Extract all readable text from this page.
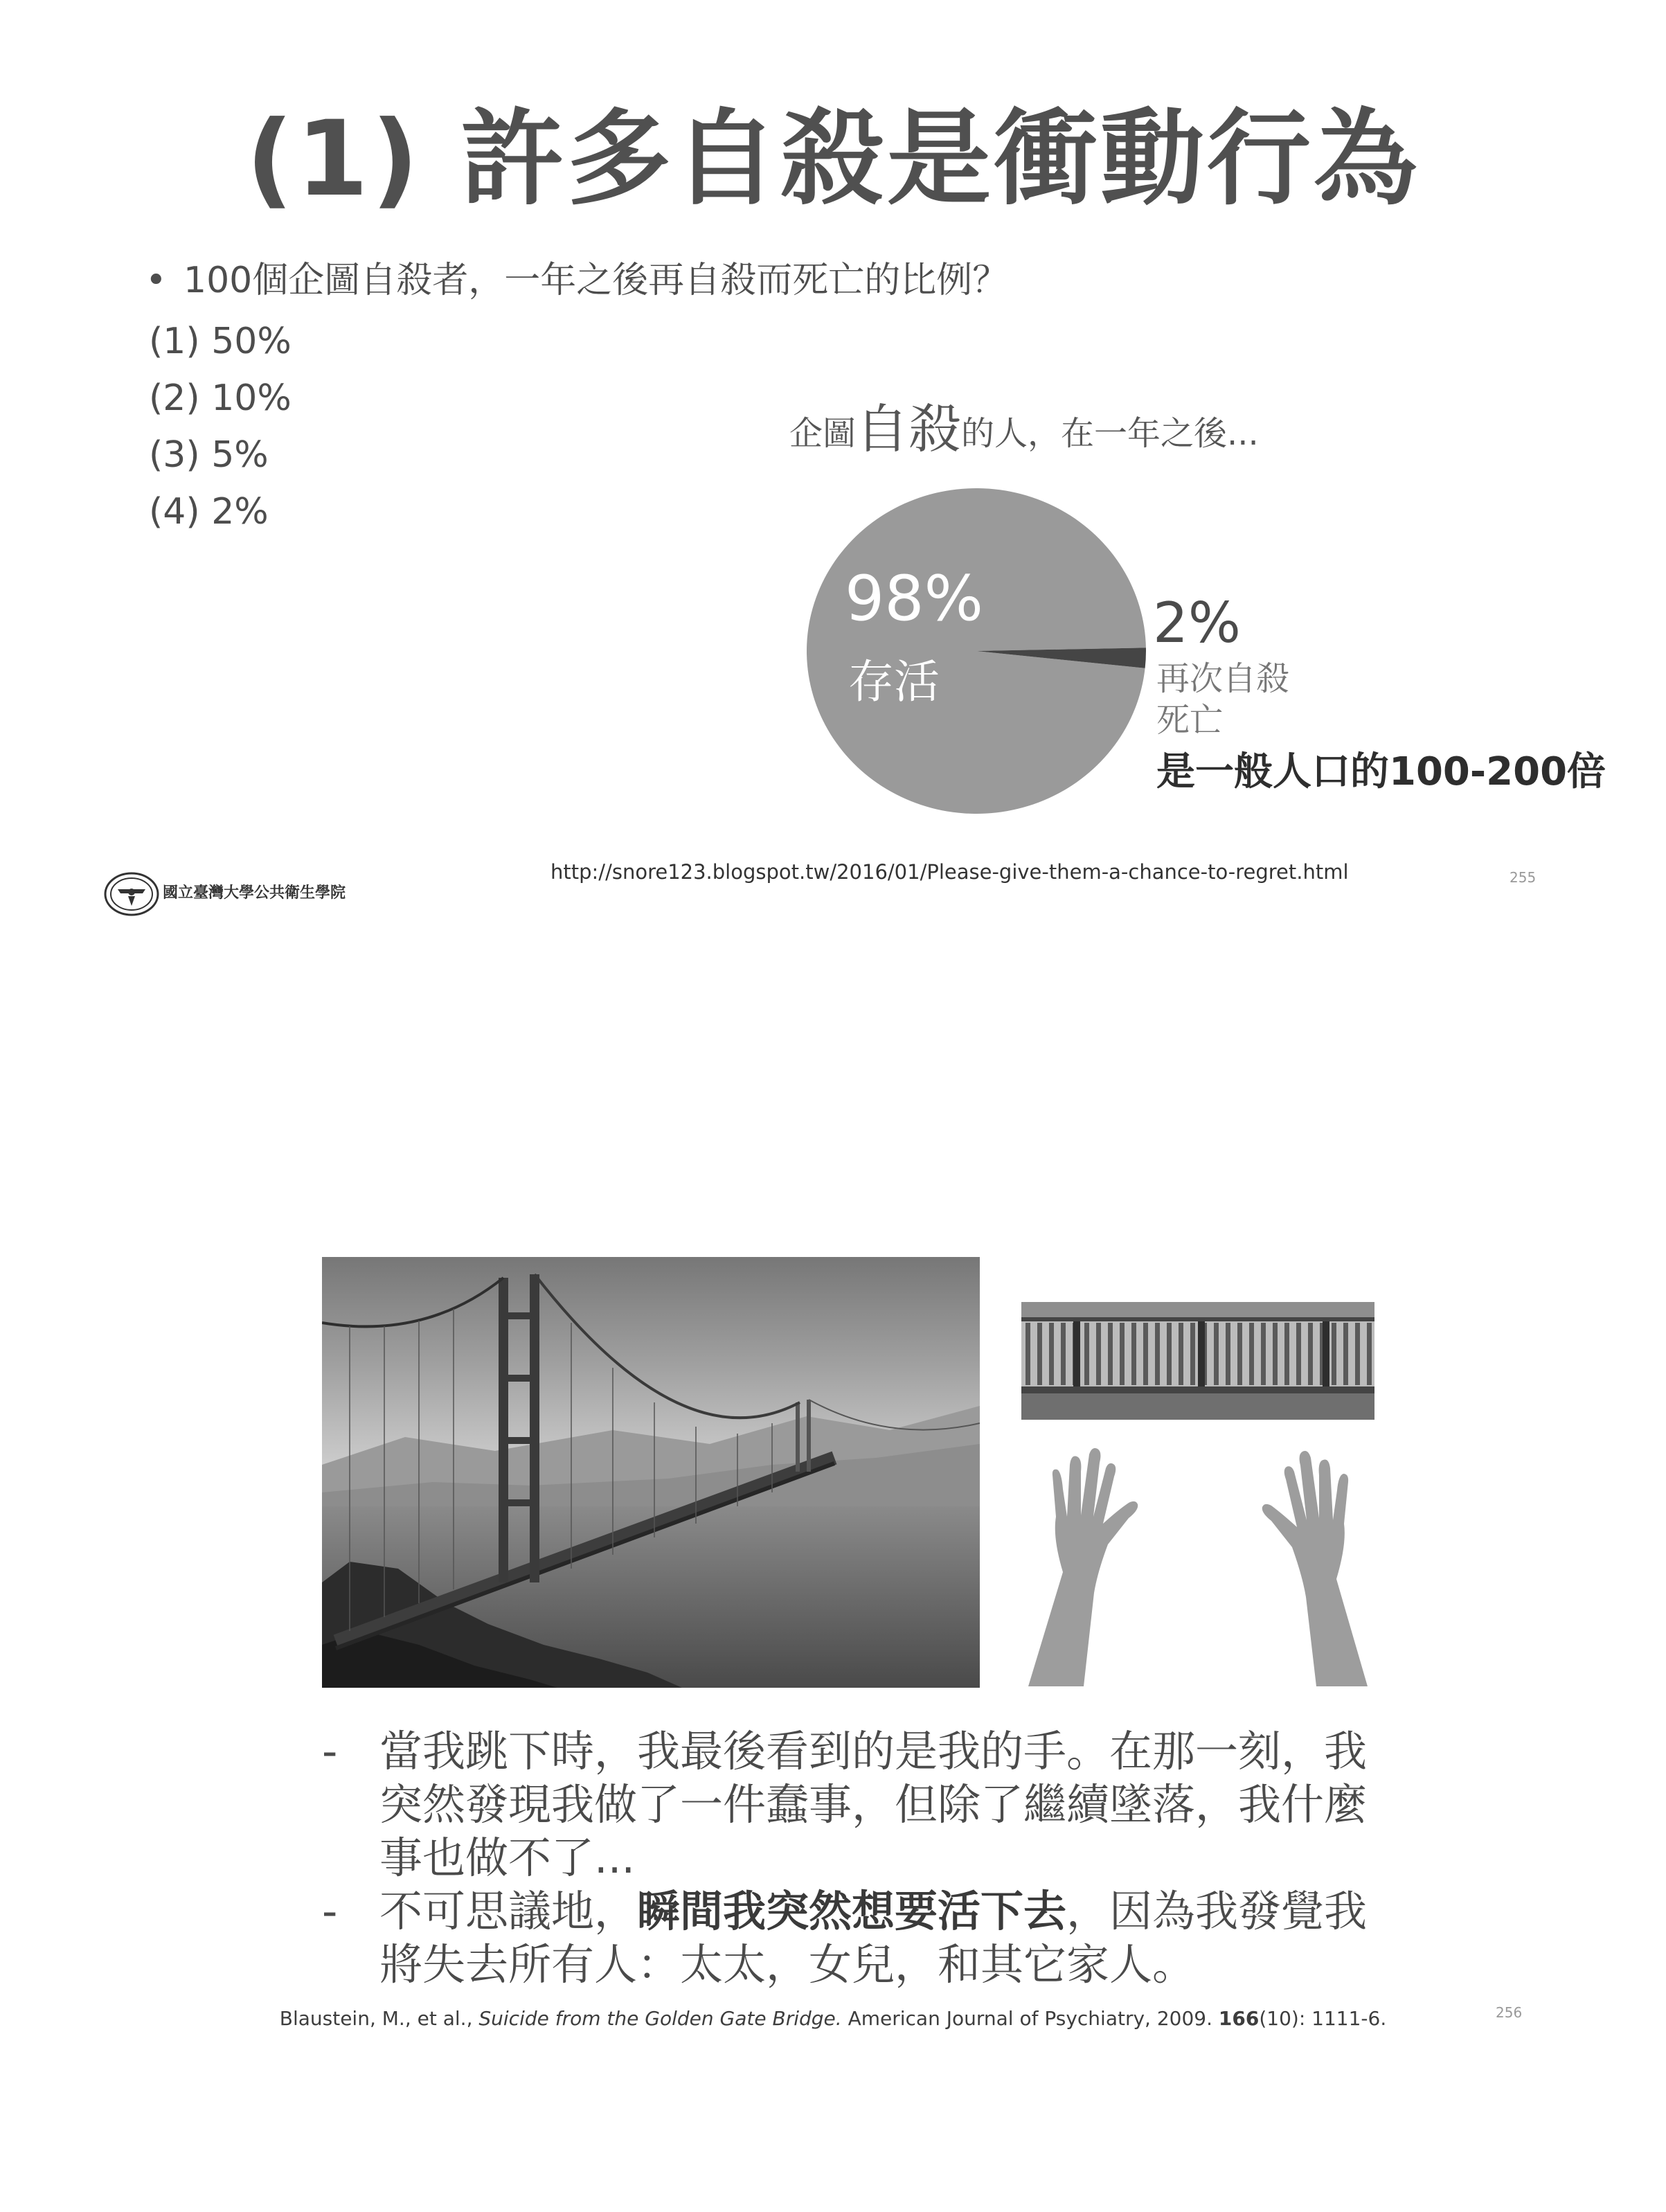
(1) 許多自殺是衝動行為
• 100個企圖自殺者，一年之後再自殺而死亡的比例？
(1) 50%
(2) 10%
(3) 5%
(4) 2%
企圖自殺的人，在一年之後...
98%
存活
2%
再次自殺
死亡
是一般人口的100-200倍
國立臺灣大學公共衛生學院
http://snore123.blogspot.tw/2016/01/Please-give-them-a-chance-to-regret.html	255
- 當我跳下時，我最後看到的是我的手。在那一刻，我突然發現我做了一件蠢事，但除了繼續墜落，我什麼事也做不了...
- 不可思議地，瞬間我突然想要活下去，因為我發覺我將失去所有人：太太，女兒，和其它家人。
Blaustein, M., et al., Suicide from the Golden Gate Bridge. American Journal of Psychiatry, 2009. 166(10): 1111-6.	256
